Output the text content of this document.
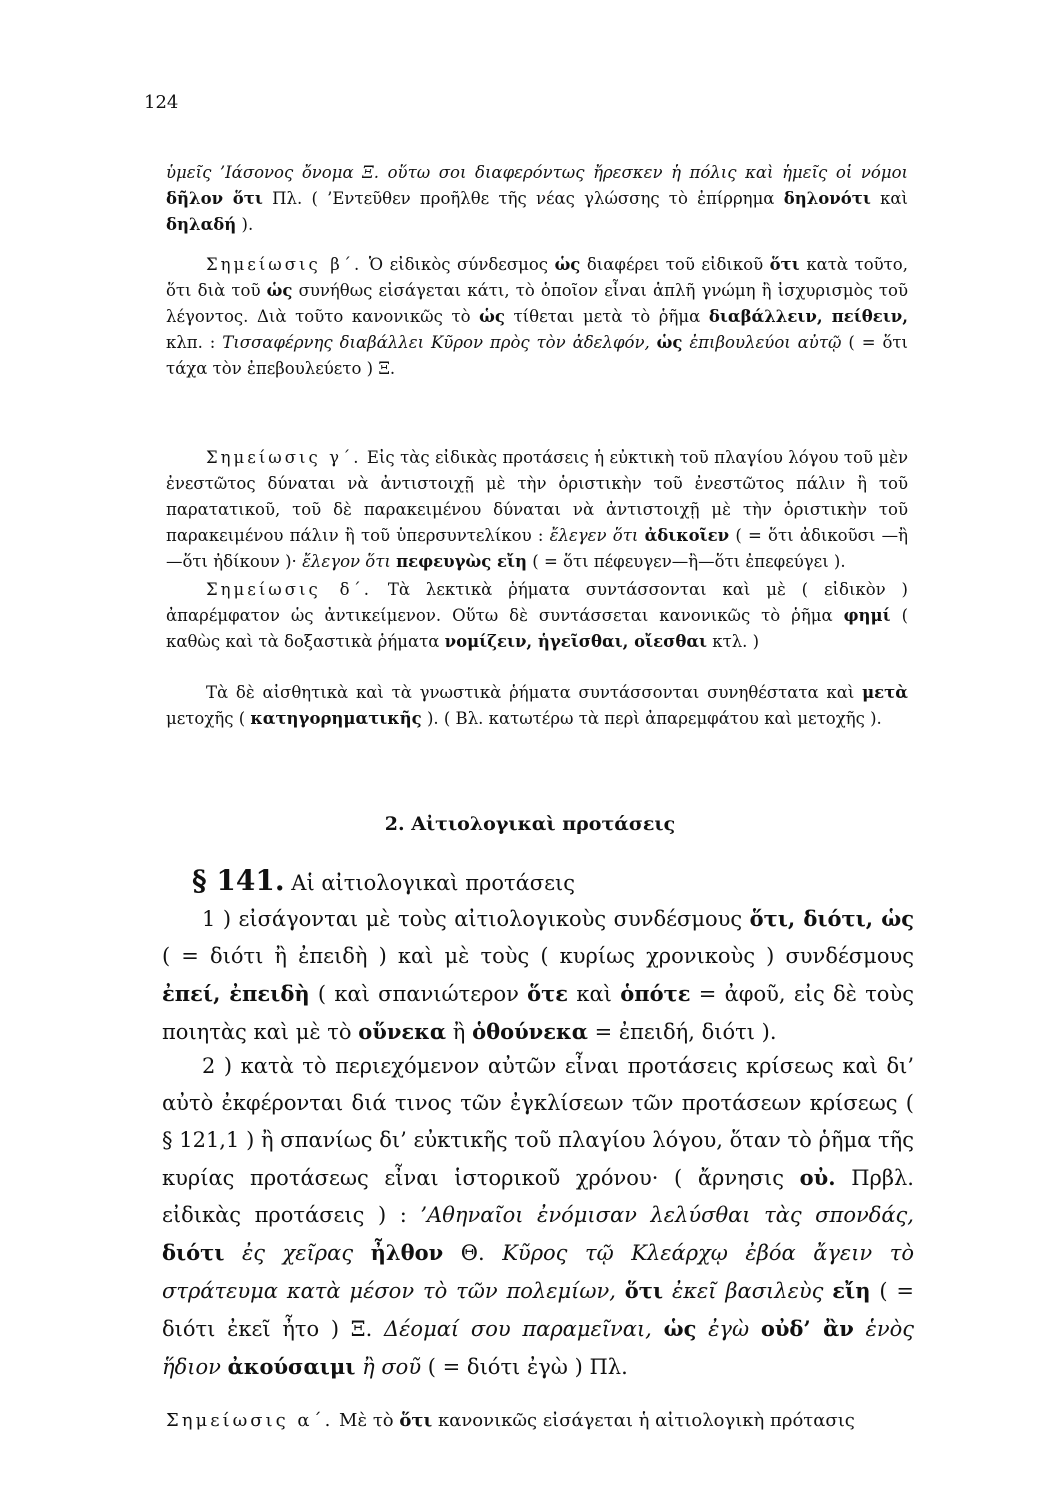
124
ὑμεῖς ’Ιάσονος ὄνομα Ξ. οὕτω σοι διαφερόντως ἤρεσκεν ἡ πόλις καὶ ἡμεῖς οἱ νόμοι δῆλον ὅτι Πλ. ( ’Εντεῦθεν προῆλθε τῆς νέας γλώσσης τὸ ἐπίρρημα δηλονότι καὶ δηλαδή ).
Σημείωσις β΄. Ὁ εἰδικὸς σύνδεσμος ὡς διαφέρει τοῦ εἰδικοῦ ὅτι κατὰ τοῦτο, ὅτι διὰ τοῦ ὡς συνήθως εἰσάγεται κάτι, τὸ ὁποῖον εἶναι ἁπλῆ γνώμη ἢ ἰσχυρισμὸς τοῦ λέγοντος. Διὰ τοῦτο κανονικῶς τὸ ὡς τίθεται μετὰ τὸ ῥῆμα διαβάλλειν, πείθειν, κλπ. : Τισσαφέρνης διαβάλλει Κῦρον πρὸς τὸν ἀδελφόν, ὡς ἐπιβουλεύοι αὐτῷ ( = ὅτι τάχα τὸν ἐπεβουλεύετο ) Ξ.
Σημείωσις γ΄. Εἰς τὰς εἰδικὰς προτάσεις ἡ εὐκτικὴ τοῦ πλαγίου λόγου τοῦ μὲν ἐνεστῶτος δύναται νὰ ἀντιστοιχῇ μὲ τὴν ὁριστικὴν τοῦ ἐνεστῶτος πάλιν ἢ τοῦ παρατατικοῦ, τοῦ δὲ παρακειμένου δύναται νὰ ἀντιστοιχῇ μὲ τὴν ὁριστικὴν τοῦ παρακειμένου πάλιν ἢ τοῦ ὑπερσυντελίκου : ἔλεγεν ὅτι ἀδικοῖεν ( = ὅτι ἀδικοῦσι —ἢ—ὅτι ἠδίκουν )· ἔλεγον ὅτι πεφευγὼς εἴη ( = ὅτι πέφευγεν—ἢ—ὅτι ἐπεφεύγει ).
Σημείωσις δ΄. Τὰ λεκτικὰ ῥήματα συντάσσονται καὶ μὲ ( εἰδικὸν ) ἀπαρέμφατον ὡς ἀντικείμενον. Οὕτω δὲ συντάσσεται κανονικῶς τὸ ῥῆμα φημί ( καθὼς καὶ τὰ δοξαστικὰ ῥήματα νομίζειν, ἡγεῖσθαι, οἴεσθαι κτλ. )
Τὰ δὲ αἰσθητικὰ καὶ τὰ γνωστικὰ ῥήματα συντάσσονται συνηθέστατα καὶ μετὰ μετοχῆς ( κατηγορηματικῆς ). ( Βλ. κατωτέρω τὰ περὶ ἀπαρεμφάτου καὶ μετοχῆς ).
2. Αἰτιολογικαὶ προτάσεις
§ 141. Αἱ αἰτιολογικαὶ προτάσεις
1 ) εἰσάγονται μὲ τοὺς αἰτιολογικοὺς συνδέσμους ὅτι, διότι, ὡς ( = διότι ἢ ἐπειδὴ ) καὶ μὲ τοὺς ( κυρίως χρονικοὺς ) συνδέσμους ἐπεί, ἐπειδὴ ( καὶ σπανιώτερον ὅτε καὶ ὁπότε = ἀφοῦ, εἰς δὲ τοὺς ποιητὰς καὶ μὲ τὸ οὕνεκα ἢ ὁθούνεκα = ἐπειδή, διότι ).
2 ) κατὰ τὸ περιεχόμενον αὐτῶν εἶναι προτάσεις κρίσεως καὶ δι’ αὐτὸ ἐκφέρονται διά τινος τῶν ἐγκλίσεων τῶν προτάσεων κρίσεως ( § 121,1 ) ἢ σπανίως δι’ εὐκτικῆς τοῦ πλαγίου λόγου, ὅταν τὸ ῥῆμα τῆς κυρίας προτάσεως εἶναι ἱστορικοῦ χρόνου· ( ἄρνησις οὐ. Πρβλ. εἰδικὰς προτάσεις ) : ’Αθηναῖοι ἐνόμισαν λελύσθαι τὰς σπονδάς, διότι ἐς χεῖρας ἦλθον Θ. Κῦρος τῷ Κλεάρχῳ ἐβόα ἄγειν τὸ στράτευμα κατὰ μέσον τὸ τῶν πολεμίων, ὅτι ἐκεῖ βασιλεὺς εἴη ( = διότι ἐκεῖ ἦτο ) Ξ. Δέομαί σου παραμεῖναι, ὡς ἐγὼ οὐδ’ ἂν ἑνὸς ἥδιον ἀκούσαιμι ἢ σοῦ ( = διότι ἐγὼ ) Πλ.
Σημείωσις α΄. Μὲ τὸ ὅτι κανονικῶς εἰσάγεται ἡ αἰτιολογικὴ πρότασις
